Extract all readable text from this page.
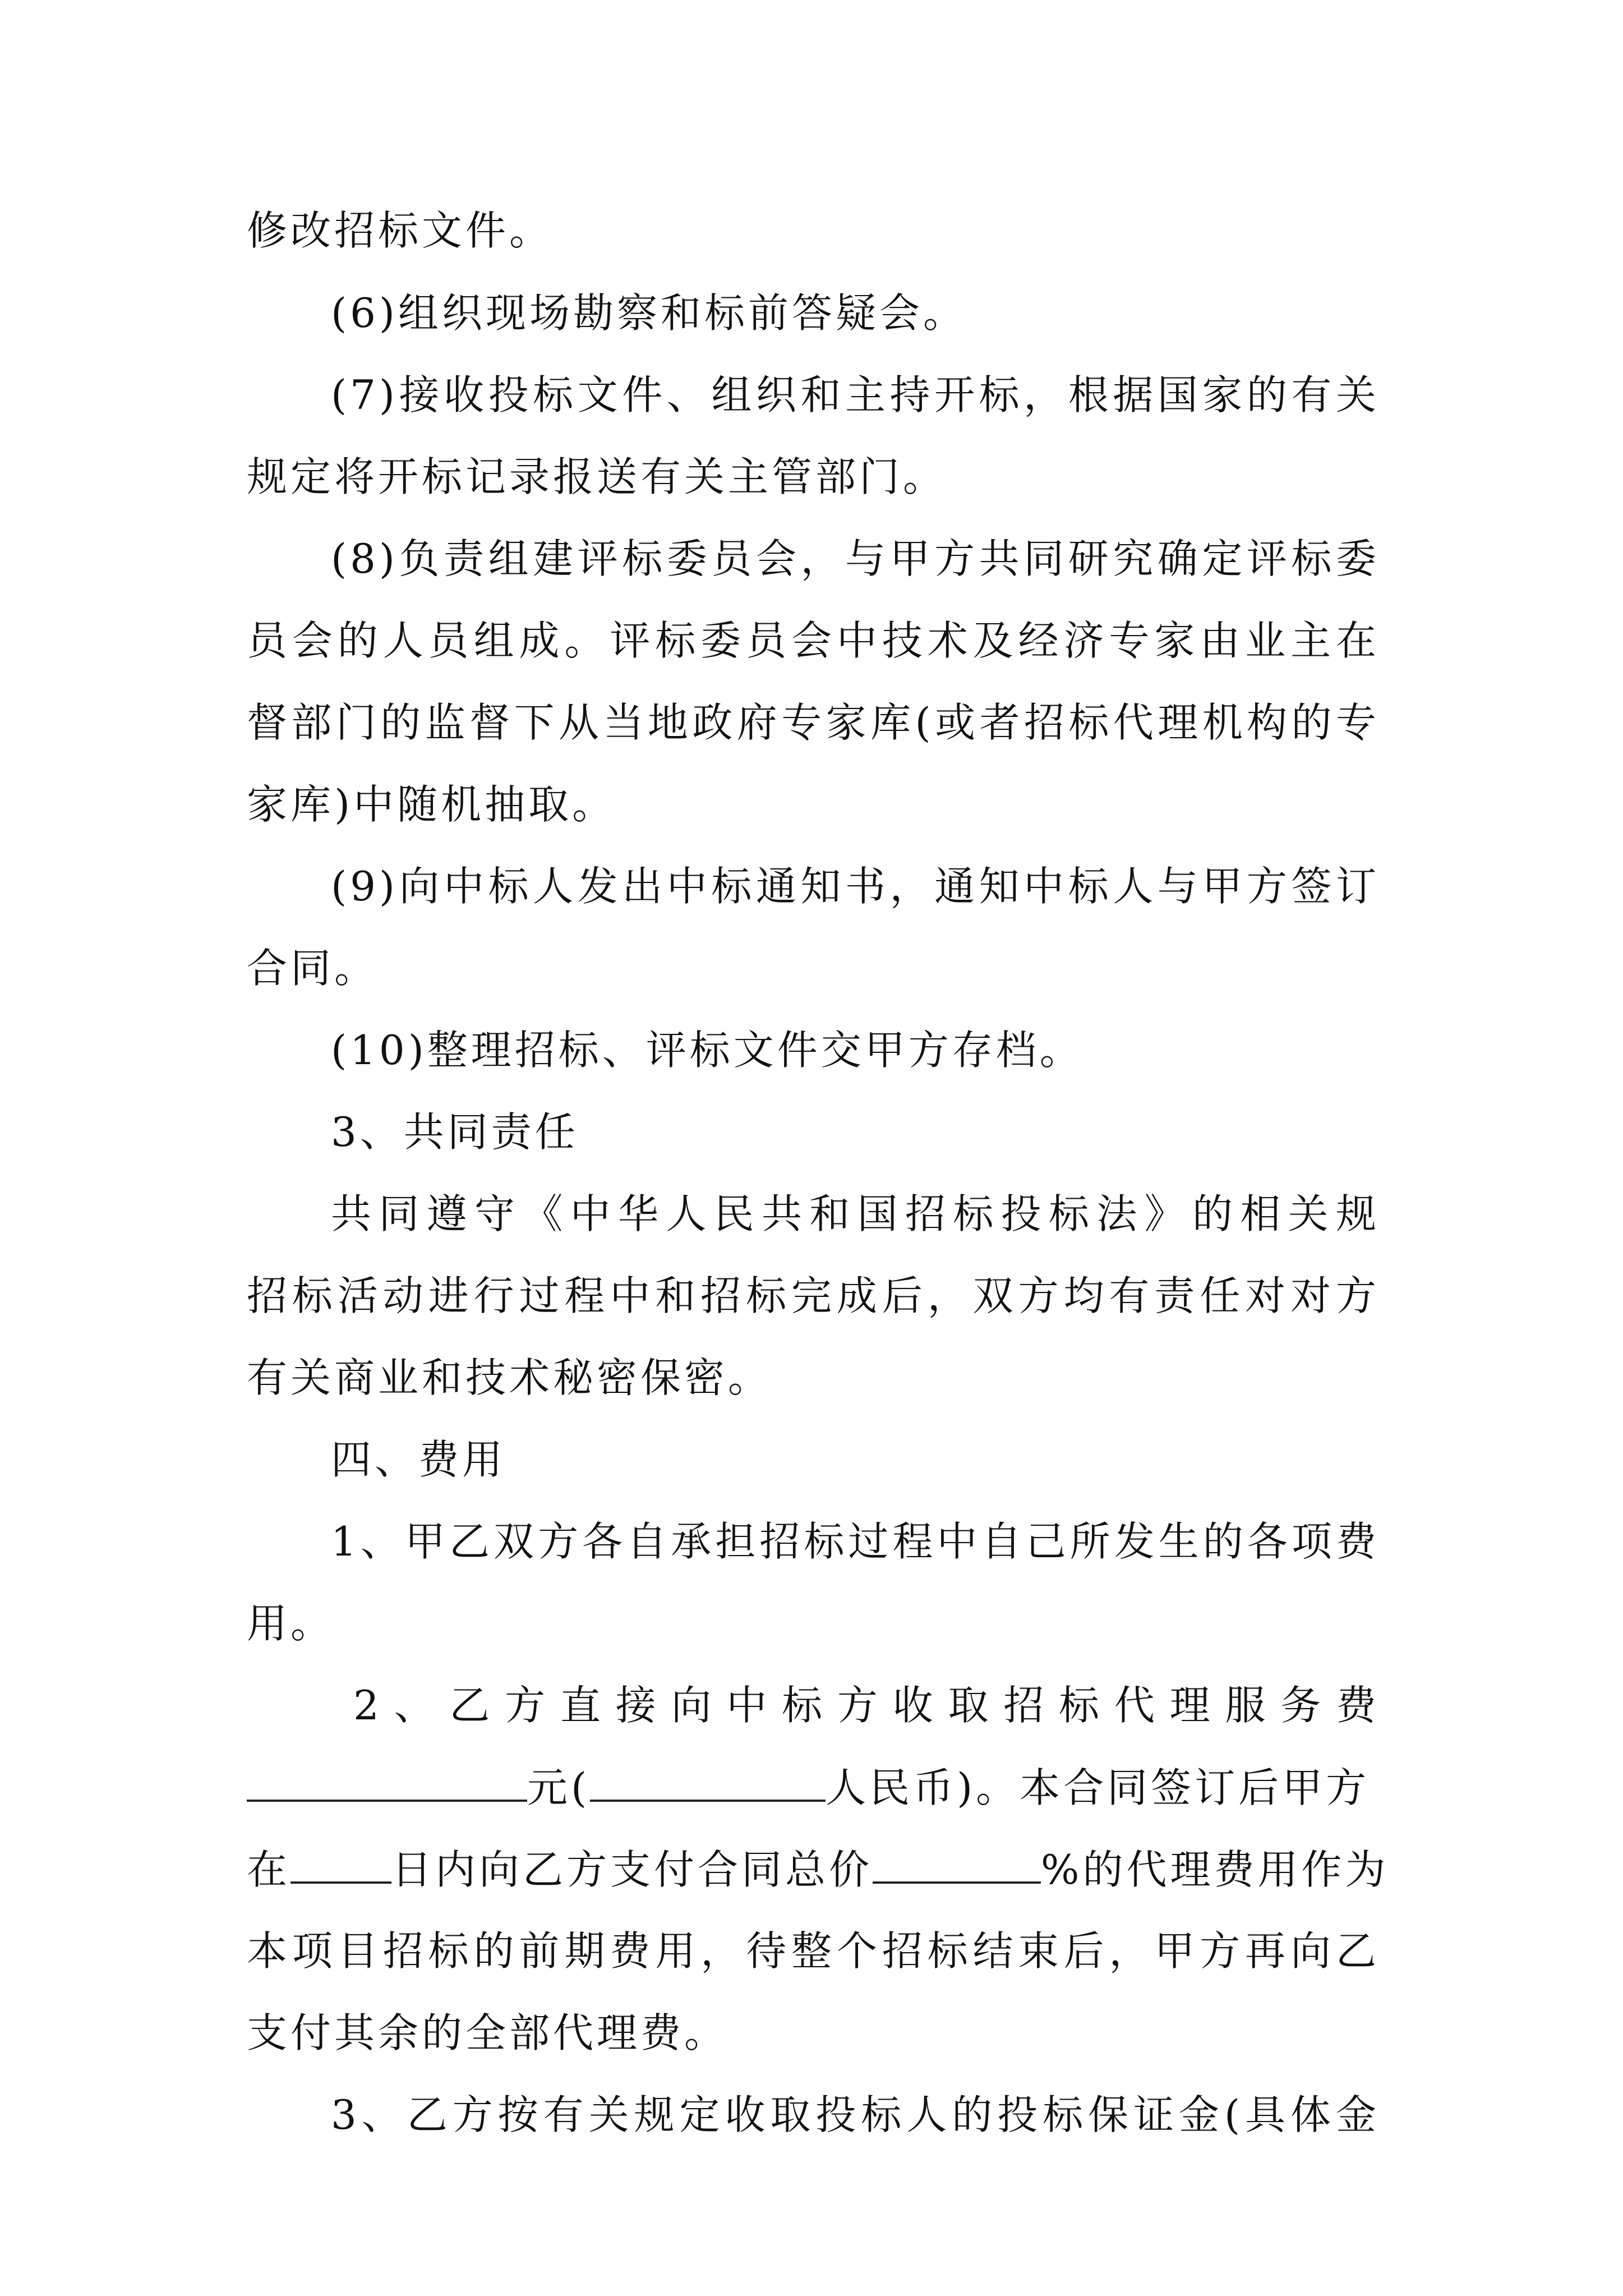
修改招标文件。
(6)组织现场勘察和标前答疑会。
(7)接收投标文件、组织和主持开标，根据国家的有关
规定将开标记录报送有关主管部门。
(8)负责组建评标委员会，与甲方共同研究确定评标委
员会的人员组成。评标委员会中技术及经济专家由业主在
督部门的监督下从当地政府专家库(或者招标代理机构的专
家库)中随机抽取。
(9)向中标人发出中标通知书，通知中标人与甲方签订
合同。
(10)整理招标、评标文件交甲方存档。
3、共同责任
共同遵守《中华人民共和国招标投标法》的相关规
招标活动进行过程中和招标完成后，双方均有责任对对方
有关商业和技术秘密保密。
四、费用
1、甲乙双方各自承担招标过程中自己所发生的各项费
用。
2、乙方直接向中标方收取招标代理服务费
元(	人民币)。本合同签订后甲方
在	日内向乙方支付合同总价	%的代理费用作为
本项目招标的前期费用，待整个招标结束后，甲方再向乙
支付其余的全部代理费。
3、乙方按有关规定收取投标人的投标保证金(具体金
